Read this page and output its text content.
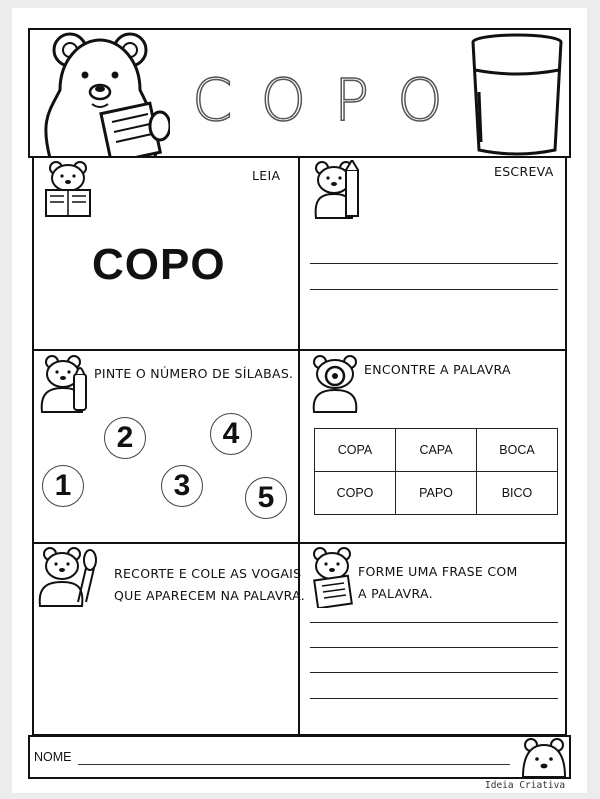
COPO
LEIA
COPO
ESCREVA
PINTE O NÚMERO DE SÍLABAS.
2	4
1	3	5
ENCONTRE A PALAVRA
COPA	CAPA	BOCA
COPO	PAPO	BICO
RECORTE E COLE AS VOGAIS
QUE APARECEM NA PALAVRA.
FORME UMA FRASE COM
A PALAVRA.
NOME
Ideia Criativa
